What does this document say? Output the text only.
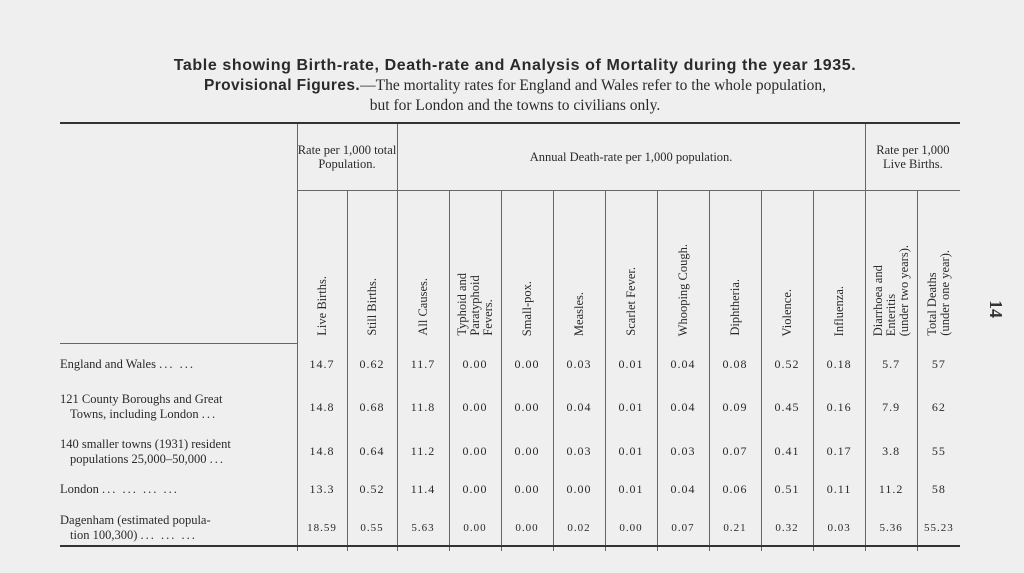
Table showing Birth-rate, Death-rate and Analysis of Mortality during the year 1935.
Provisional Figures.—The mortality rates for England and Wales refer to the whole population,
but for London and the towns to civilians only.
	Rate per 1,000 total Population.		Annual Death-rate per 1,000 population.									Rate per 1,000 Live Births.	
	Live Births.	Still Births.	All Causes.	Typhoid and
Paratyphoid
Fevers.	Small-pox.	Measles.	Scarlet Fever.	Whooping Cough.	Diphtheria.	Violence.	Influenza.	Diarrhoea and
Enteritis
(under two years).	Total Deaths
(under one year).
England and Wales ... ...	14.7	0.62	11.7	0.00	0.00	0.03	0.01	0.04	0.08	0.52	0.18	5.7	57
121 County Boroughs and Great
Towns, including London ...	14.8	0.68	11.8	0.00	0.00	0.04	0.01	0.04	0.09	0.45	0.16	7.9	62
140 smaller towns (1931) resident
populations 25,000–50,000 ...	14.8	0.64	11.2	0.00	0.00	0.03	0.01	0.03	0.07	0.41	0.17	3.8	55
London ... ... ... ...	13.3	0.52	11.4	0.00	0.00	0.00	0.01	0.04	0.06	0.51	0.11	11.2	58
Dagenham (estimated popula-
tion 100,300) ... ... ...	18.59	0.55	5.63	0.00	0.00	0.02	0.00	0.07	0.21	0.32	0.03	5.36	55.23
14
